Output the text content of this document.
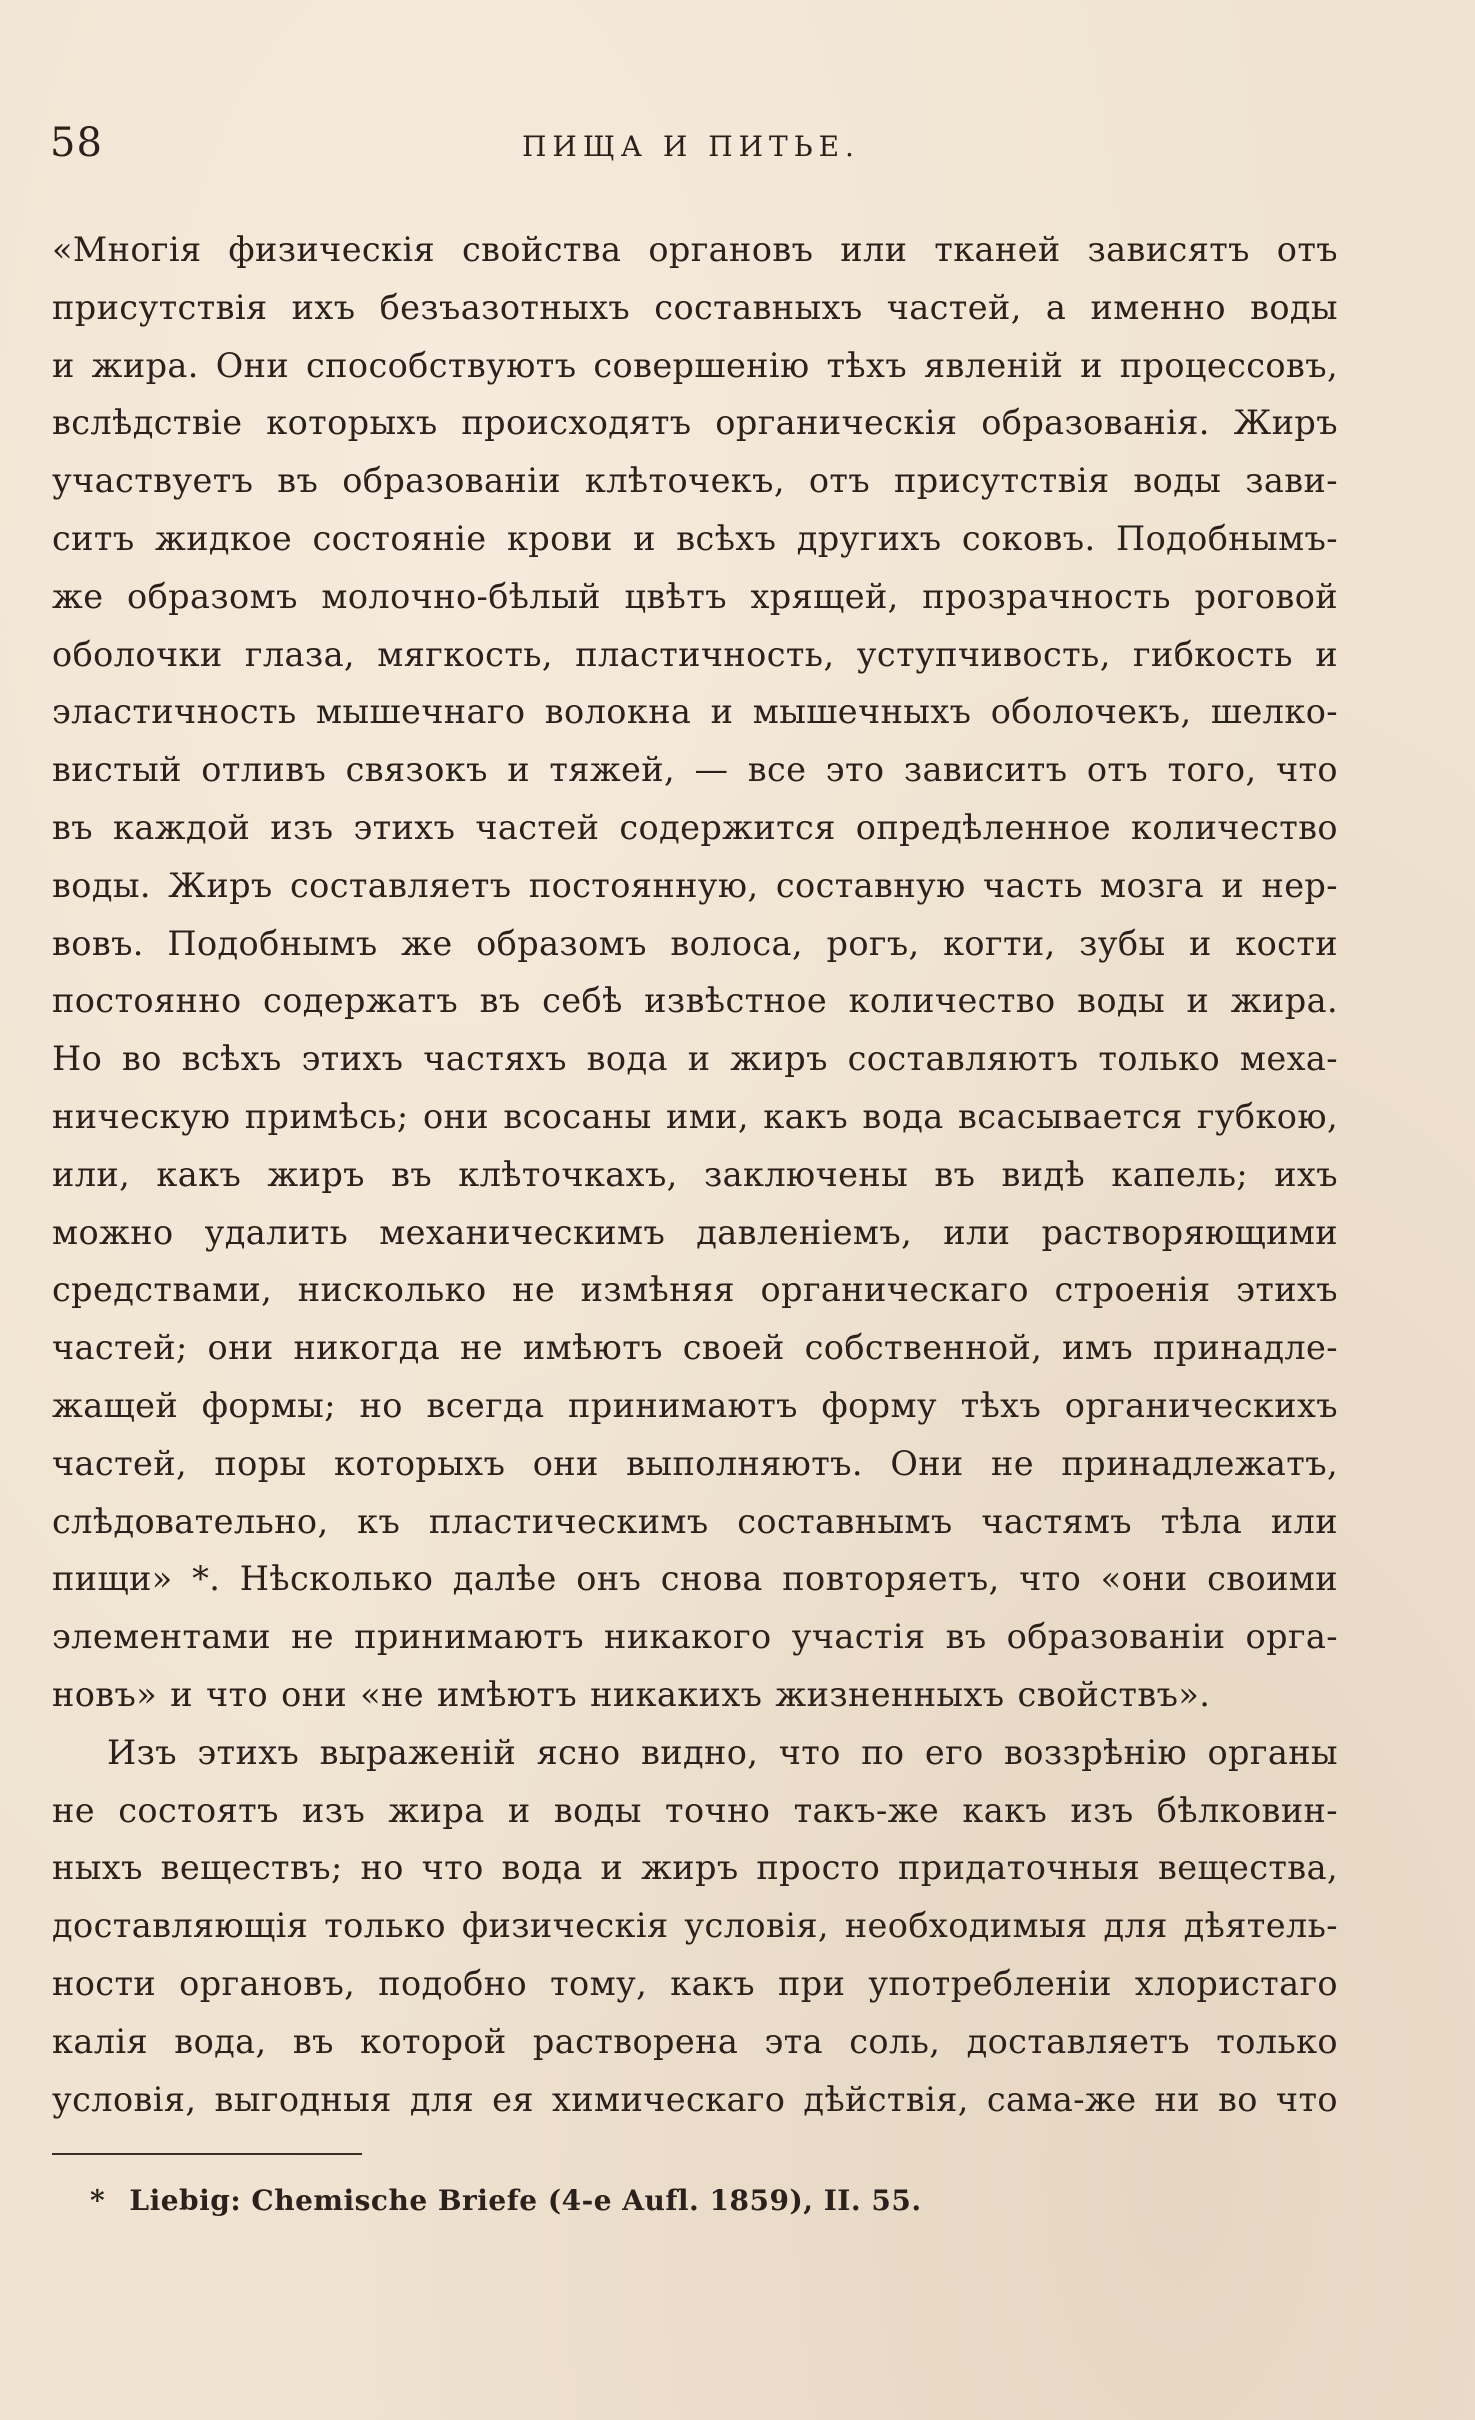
58	ПИЩА И ПИТЬЕ.
«Многія физическія свойства органовъ или тканей зависятъ отъ
присутствія ихъ безъазотныхъ составныхъ частей, а именно воды
и жира. Они способствуютъ совершенію тѣхъ явленій и процессовъ,
вслѣдствіе которыхъ происходятъ органическія образованія. Жиръ
участвуетъ въ образованіи клѣточекъ, отъ присутствія воды зави-
ситъ жидкое состояніе крови и всѣхъ другихъ соковъ. Подобнымъ-
же образомъ молочно-бѣлый цвѣтъ хрящей, прозрачность роговой
оболочки глаза, мягкость, пластичность, уступчивость, гибкость и
эластичность мышечнаго волокна и мышечныхъ оболочекъ, шелко-
вистый отливъ связокъ и тяжей, — все это зависитъ отъ того, что
въ каждой изъ этихъ частей содержится опредѣленное количество
воды. Жиръ составляетъ постоянную, составную часть мозга и нер-
вовъ. Подобнымъ же образомъ волоса, рогъ, когти, зубы и кости
постоянно содержатъ въ себѣ извѣстное количество воды и жира.
Но во всѣхъ этихъ частяхъ вода и жиръ составляютъ только меха-
ническую примѣсь; они всосаны ими, какъ вода всасывается губкою,
или, какъ жиръ въ клѣточкахъ, заключены въ видѣ капель; ихъ
можно удалить механическимъ давленіемъ, или растворяющими
средствами, нисколько не измѣняя органическаго строенія этихъ
частей; они никогда не имѣютъ своей собственной, имъ принадле-
жащей формы; но всегда принимаютъ форму тѣхъ органическихъ
частей, поры которыхъ они выполняютъ. Они не принадлежатъ,
слѣдовательно, къ пластическимъ составнымъ частямъ тѣла или
пищи» *. Нѣсколько далѣе онъ снова повторяетъ, что «они своими
элементами не принимаютъ никакого участія въ образованіи орга-
новъ» и что они «не имѣютъ никакихъ жизненныхъ свойствъ».
Изъ этихъ выраженій ясно видно, что по его воззрѣнію органы
не состоятъ изъ жира и воды точно такъ-же какъ изъ бѣлковин-
ныхъ веществъ; но что вода и жиръ просто придаточныя вещества,
доставляющія только физическія условія, необходимыя для дѣятель-
ности органовъ, подобно тому, какъ при употребленіи хлористаго
калія вода, въ которой растворена эта соль, доставляетъ только
условія, выгодныя для ея химическаго дѣйствія, сама-же ни во что
* Liebig: Chemische Briefe (4-e Aufl. 1859), II. 55.
